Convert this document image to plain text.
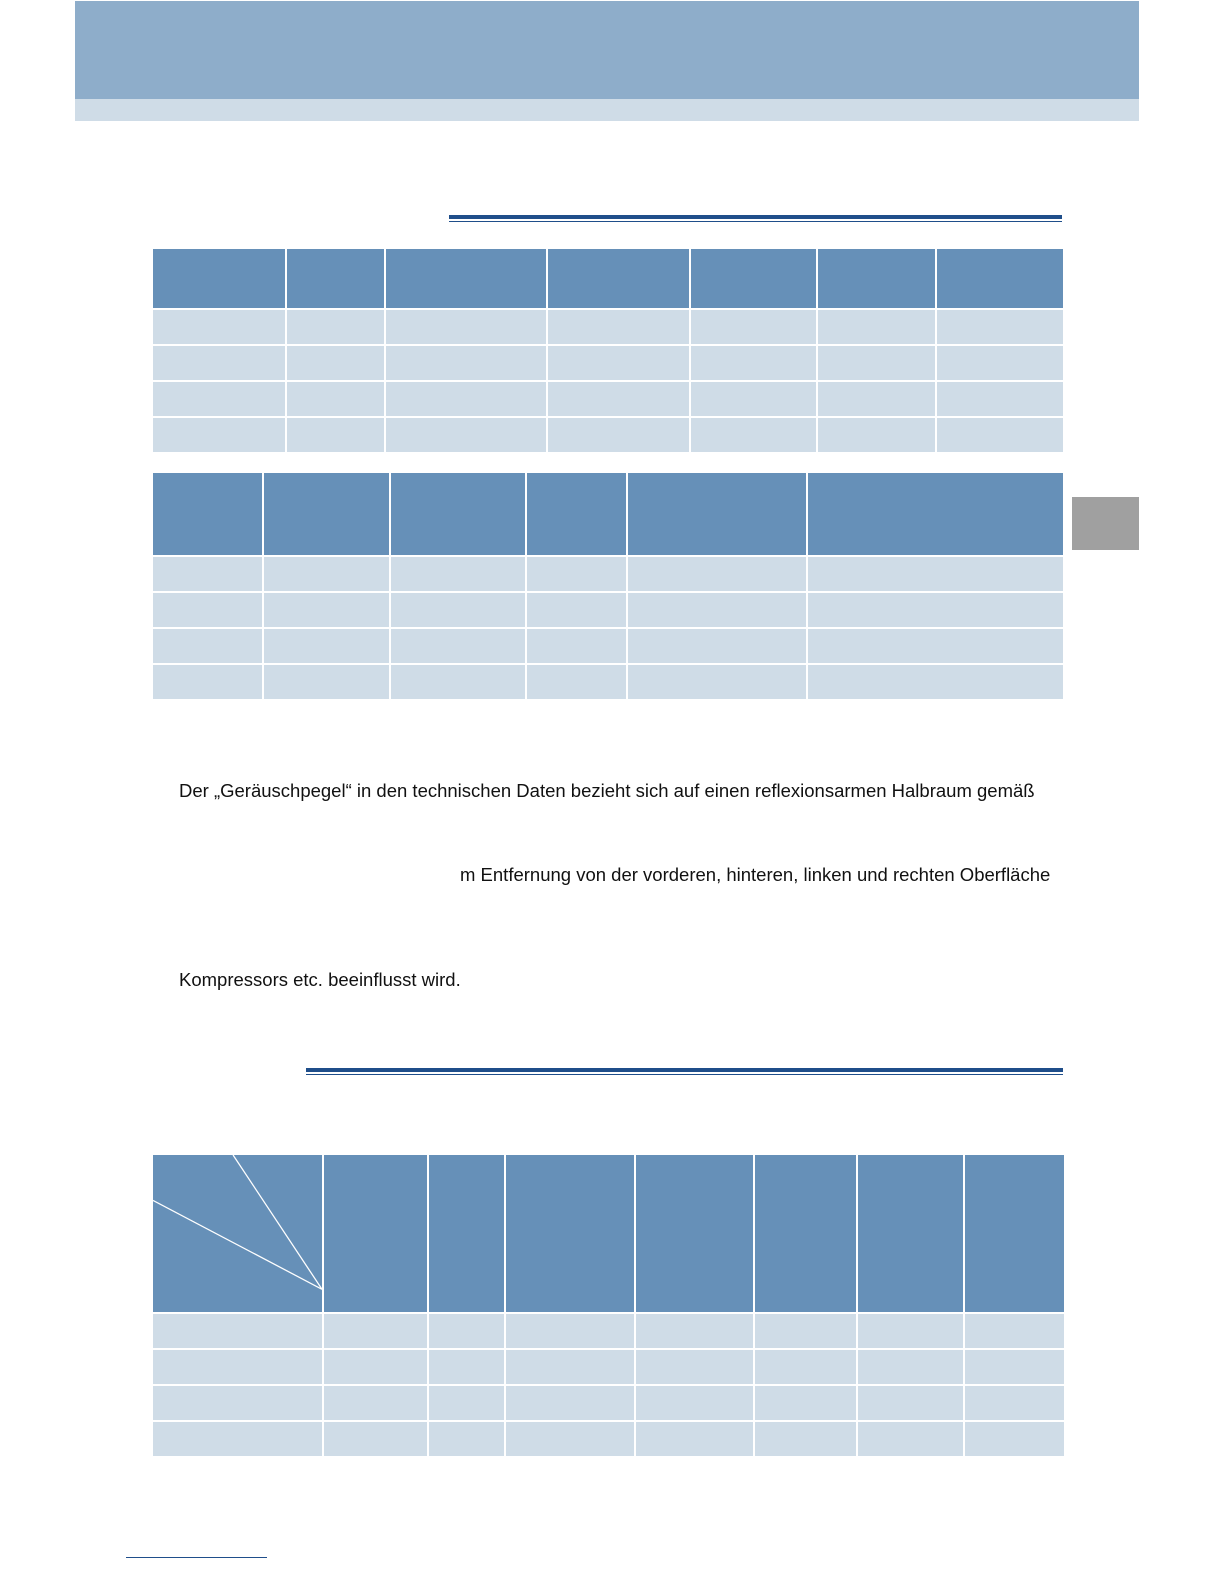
Der „Geräuschpegel“ in den technischen Daten bezieht sich auf einen reflexionsarmen Halbraum gemäß
m Entfernung von der vorderen, hinteren, linken und rechten Oberfläche
Kompressors etc. beeinflusst wird.
